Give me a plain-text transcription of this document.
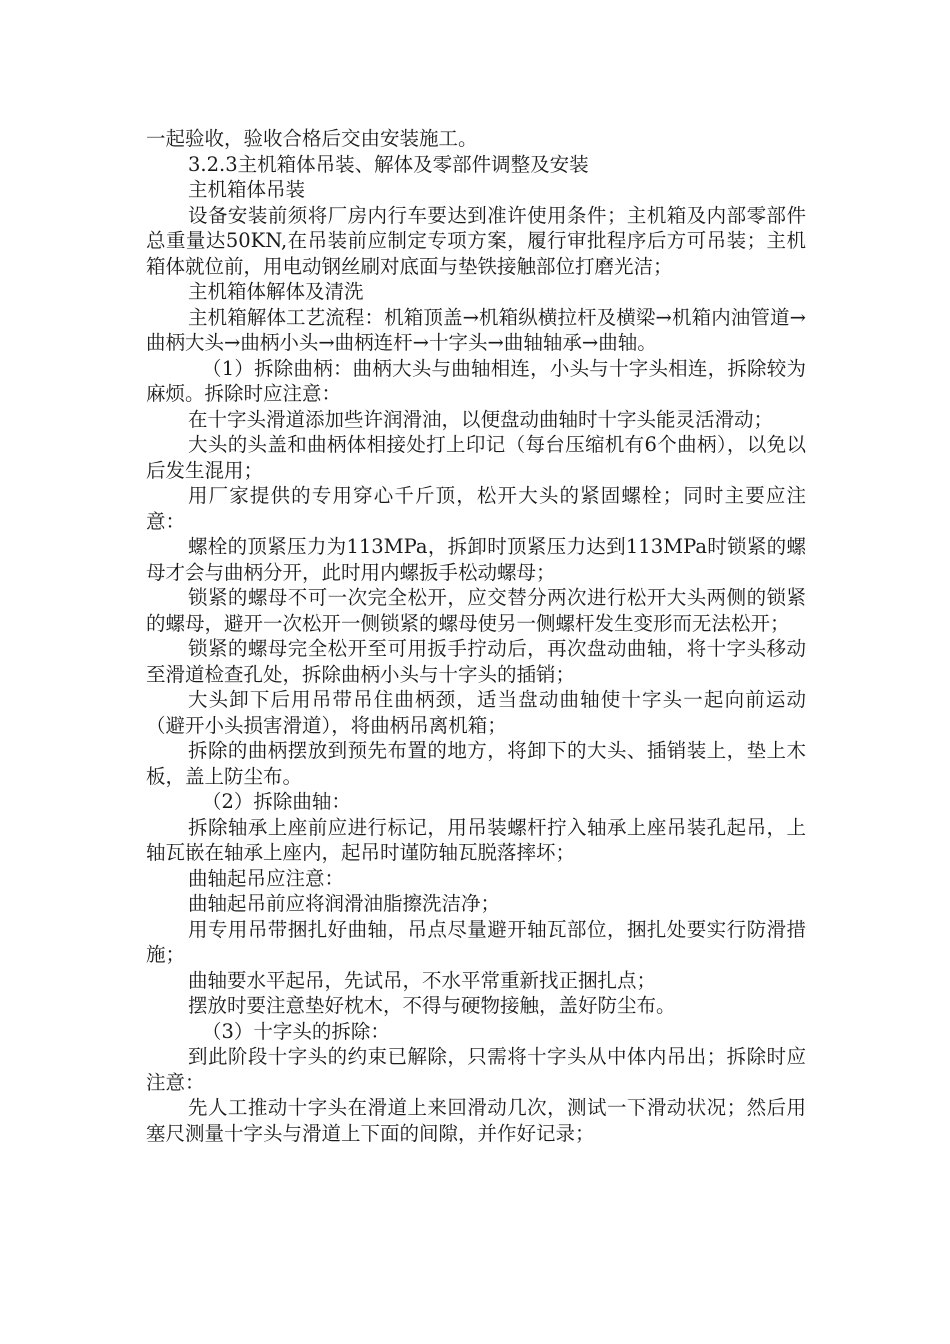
一起验收，验收合格后交由安装施工。

3.2.3主机箱体吊装、解体及零部件调整及安装

主机箱体吊装

设备安装前须将厂房内行车要达到准许使用条件；主机箱及内部零部件总重量达50KN,在吊装前应制定专项方案，履行审批程序后方可吊装；主机箱体就位前，用电动钢丝刷对底面与垫铁接触部位打磨光洁；

主机箱体解体及清洗

主机箱解体工艺流程：机箱顶盖→机箱纵横拉杆及横梁→机箱内油管道→曲柄大头→曲柄小头→曲柄连杆→十字头→曲轴轴承→曲轴。

（1）拆除曲柄：曲柄大头与曲轴相连，小头与十字头相连，拆除较为麻烦。拆除时应注意：

在十字头滑道添加些许润滑油，以便盘动曲轴时十字头能灵活滑动；

大头的头盖和曲柄体相接处打上印记（每台压缩机有6个曲柄），以免以后发生混用；

用厂家提供的专用穿心千斤顶，松开大头的紧固螺栓；同时主要应注意：

螺栓的顶紧压力为113MPa，拆卸时顶紧压力达到113MPa时锁紧的螺母才会与曲柄分开，此时用内螺扳手松动螺母；

锁紧的螺母不可一次完全松开，应交替分两次进行松开大头两侧的锁紧的螺母，避开一次松开一侧锁紧的螺母使另一侧螺杆发生变形而无法松开；

锁紧的螺母完全松开至可用扳手拧动后，再次盘动曲轴，将十字头移动至滑道检查孔处，拆除曲柄小头与十字头的插销；

大头卸下后用吊带吊住曲柄颈，适当盘动曲轴使十字头一起向前运动（避开小头损害滑道），将曲柄吊离机箱；

拆除的曲柄摆放到预先布置的地方，将卸下的大头、插销装上，垫上木板，盖上防尘布。

（2）拆除曲轴：

拆除轴承上座前应进行标记，用吊装螺杆拧入轴承上座吊装孔起吊，上轴瓦嵌在轴承上座内，起吊时谨防轴瓦脱落摔坏；

曲轴起吊应注意：

曲轴起吊前应将润滑油脂擦洗洁净；

用专用吊带捆扎好曲轴，吊点尽量避开轴瓦部位，捆扎处要实行防滑措施；

曲轴要水平起吊，先试吊，不水平常重新找正捆扎点；

摆放时要注意垫好枕木，不得与硬物接触，盖好防尘布。

（3）十字头的拆除：

到此阶段十字头的约束已解除，只需将十字头从中体内吊出；拆除时应注意：

先人工推动十字头在滑道上来回滑动几次，测试一下滑动状况；然后用塞尺测量十字头与滑道上下面的间隙，并作好记录；
